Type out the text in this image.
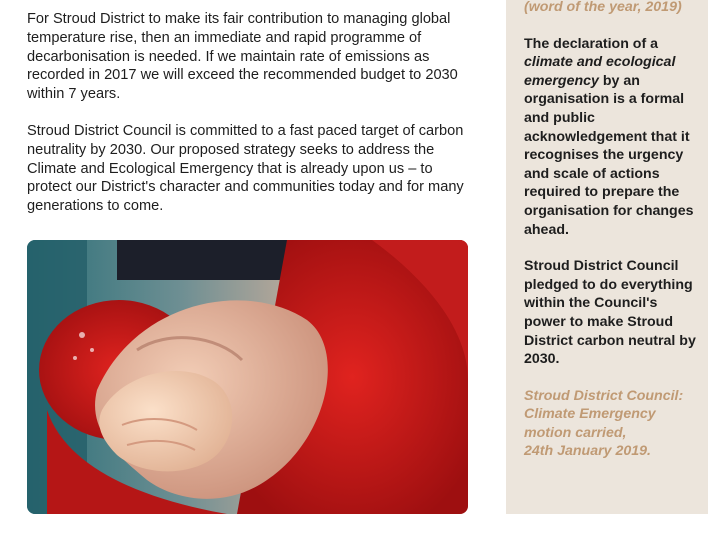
For Stroud District to make its fair contribution to managing global temperature rise, then an immediate and rapid programme of decarbonisation is needed. If we maintain rate of emissions as recorded in 2017 we will exceed the recommended budget to 2030 within 7 years.

Stroud District Council is committed to a fast paced target of carbon neutrality by 2030. Our proposed strategy seeks to address the Climate and Ecological Emergency that is already upon us – to protect our District's character and communities today and for many generations to come.

(word of the year, 2019)

The declaration of a climate and ecological emergency by an organisation is a formal and public acknowledgement that it recognises the urgency and scale of actions required to prepare the organisation for changes ahead.

Stroud District Council pledged to do everything within the Council's power to make Stroud District carbon neutral by 2030.

Stroud District Council:
Climate Emergency
motion carried,
24th January 2019.
